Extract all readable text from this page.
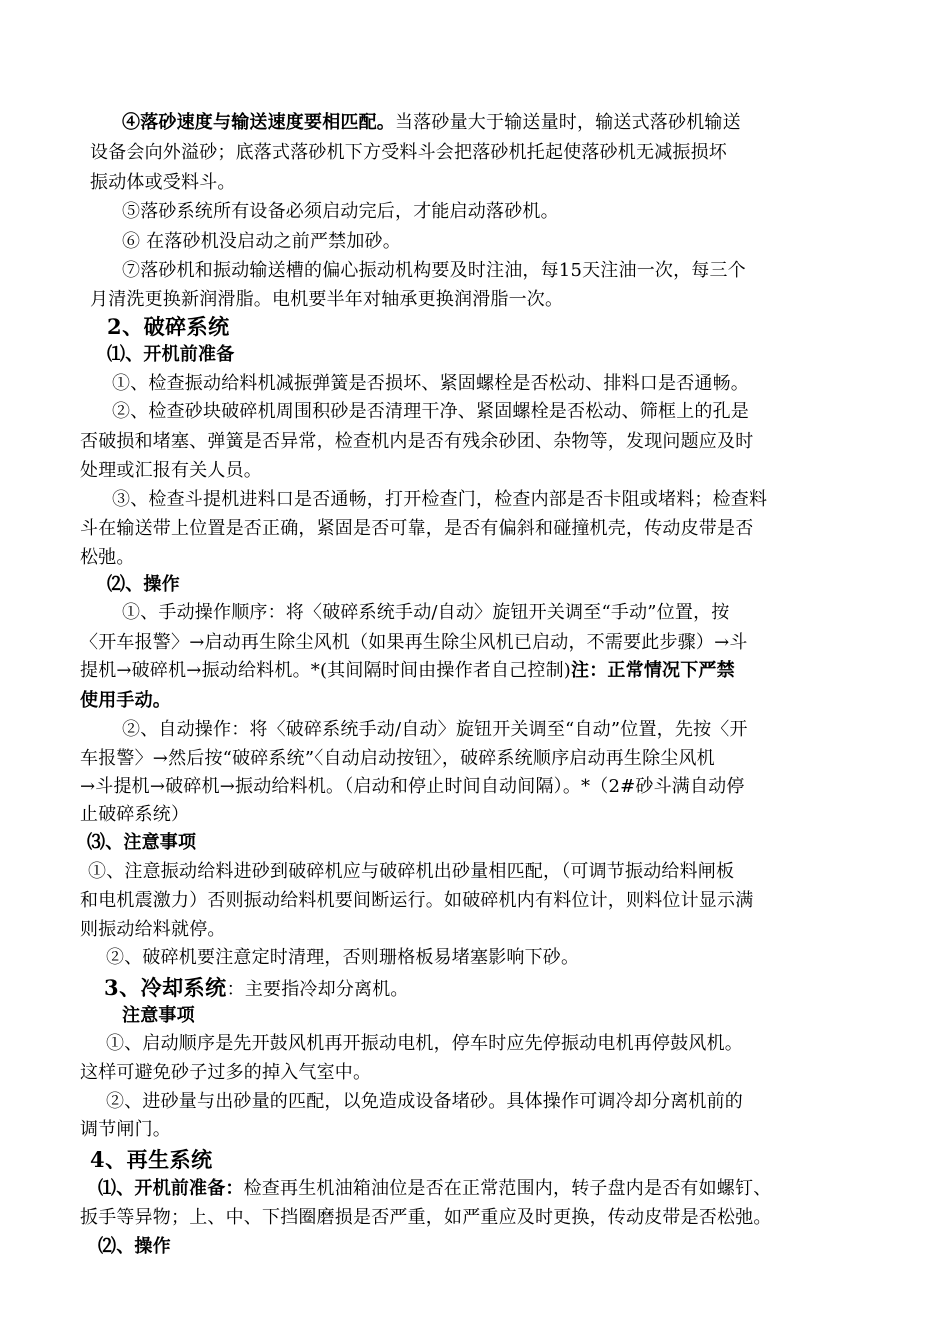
④落砂速度与输送速度要相匹配。当落砂量大于输送量时，输送式落砂机输送
设备会向外溢砂；底落式落砂机下方受料斗会把落砂机托起使落砂机无减振损坏
振动体或受料斗。
⑤落砂系统所有设备必须启动完后，才能启动落砂机。
⑥ 在落砂机没启动之前严禁加砂。
⑦落砂机和振动输送槽的偏心振动机构要及时注油，每15天注油一次，每三个
月清洗更换新润滑脂。电机要半年对轴承更换润滑脂一次。
2、破碎系统
⑴、开机前准备
①、检查振动给料机减振弹簧是否损坏、紧固螺栓是否松动、排料口是否通畅。
②、检查砂块破碎机周围积砂是否清理干净、紧固螺栓是否松动、筛框上的孔是
否破损和堵塞、弹簧是否异常，检查机内是否有残余砂团、杂物等，发现问题应及时
处理或汇报有关人员。
③、检查斗提机进料口是否通畅，打开检查门，检查内部是否卡阻或堵料；检查料
斗在输送带上位置是否正确，紧固是否可靠，是否有偏斜和碰撞机壳，传动皮带是否
松弛。
⑵、操作
①、手动操作顺序：将〈破碎系统手动/自动〉旋钮开关调至“手动”位置，按
〈开车报警〉→启动再生除尘风机（如果再生除尘风机已启动，不需要此步骤）→斗
提机→破碎机→振动给料机。*(其间隔时间由操作者自己控制)注：正常情况下严禁
使用手动。
②、自动操作：将〈破碎系统手动/自动〉旋钮开关调至“自动”位置，先按〈开
车报警〉→然后按“破碎系统”〈自动启动按钮〉，破碎系统顺序启动再生除尘风机
→斗提机→破碎机→振动给料机。（启动和停止时间自动间隔）。*（2#砂斗满自动停
止破碎系统）
⑶、注意事项
①、注意振动给料进砂到破碎机应与破碎机出砂量相匹配，（可调节振动给料闸板
和电机震激力）否则振动给料机要间断运行。如破碎机内有料位计，则料位计显示满
则振动给料就停。
②、破碎机要注意定时清理，否则珊格板易堵塞影响下砂。
3、冷却系统：主要指冷却分离机。
注意事项
①、启动顺序是先开鼓风机再开振动电机，停车时应先停振动电机再停鼓风机。
这样可避免砂子过多的掉入气室中。
②、进砂量与出砂量的匹配，以免造成设备堵砂。具体操作可调冷却分离机前的
调节闸门。
4、再生系统
⑴、开机前准备：检查再生机油箱油位是否在正常范围内，转子盘内是否有如螺钉、
扳手等异物；上、中、下挡圈磨损是否严重，如严重应及时更换，传动皮带是否松弛。
⑵、操作
